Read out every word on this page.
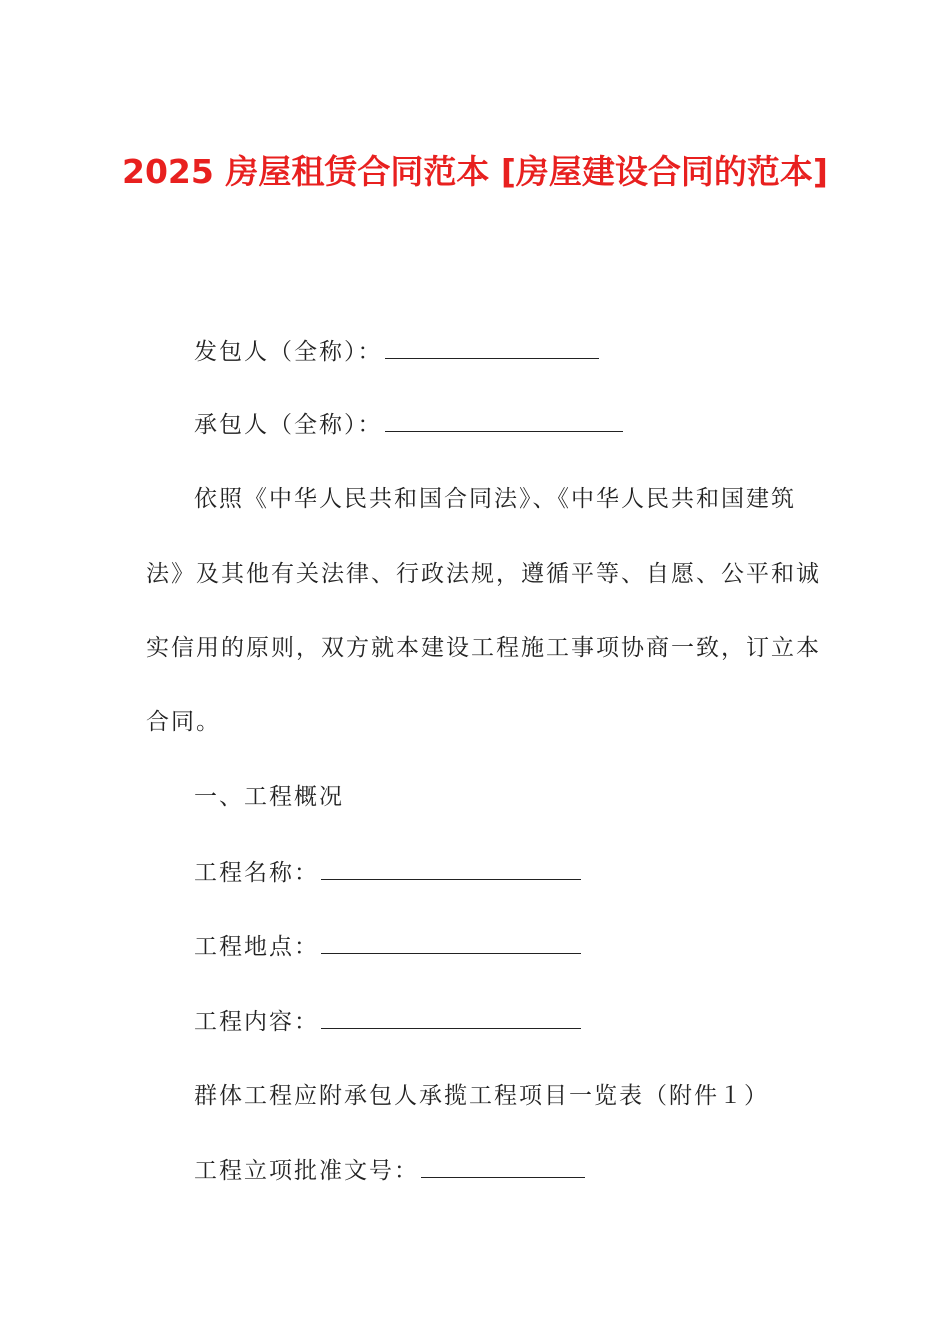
2025 房屋租赁合同范本 [房屋建设合同的范本]

发包人（全称）：

承包人（全称）：

依照《中华人民共和国合同法》、《中华人民共和国建筑

法》及其他有关法律、行政法规，遵循平等、自愿、公平和诚

实信用的原则，双方就本建设工程施工事项协商一致，订立本

合同。

一、工程概况

工程名称：

工程地点：

工程内容：

群体工程应附承包人承揽工程项目一览表（附件１）

工程立项批准文号：
